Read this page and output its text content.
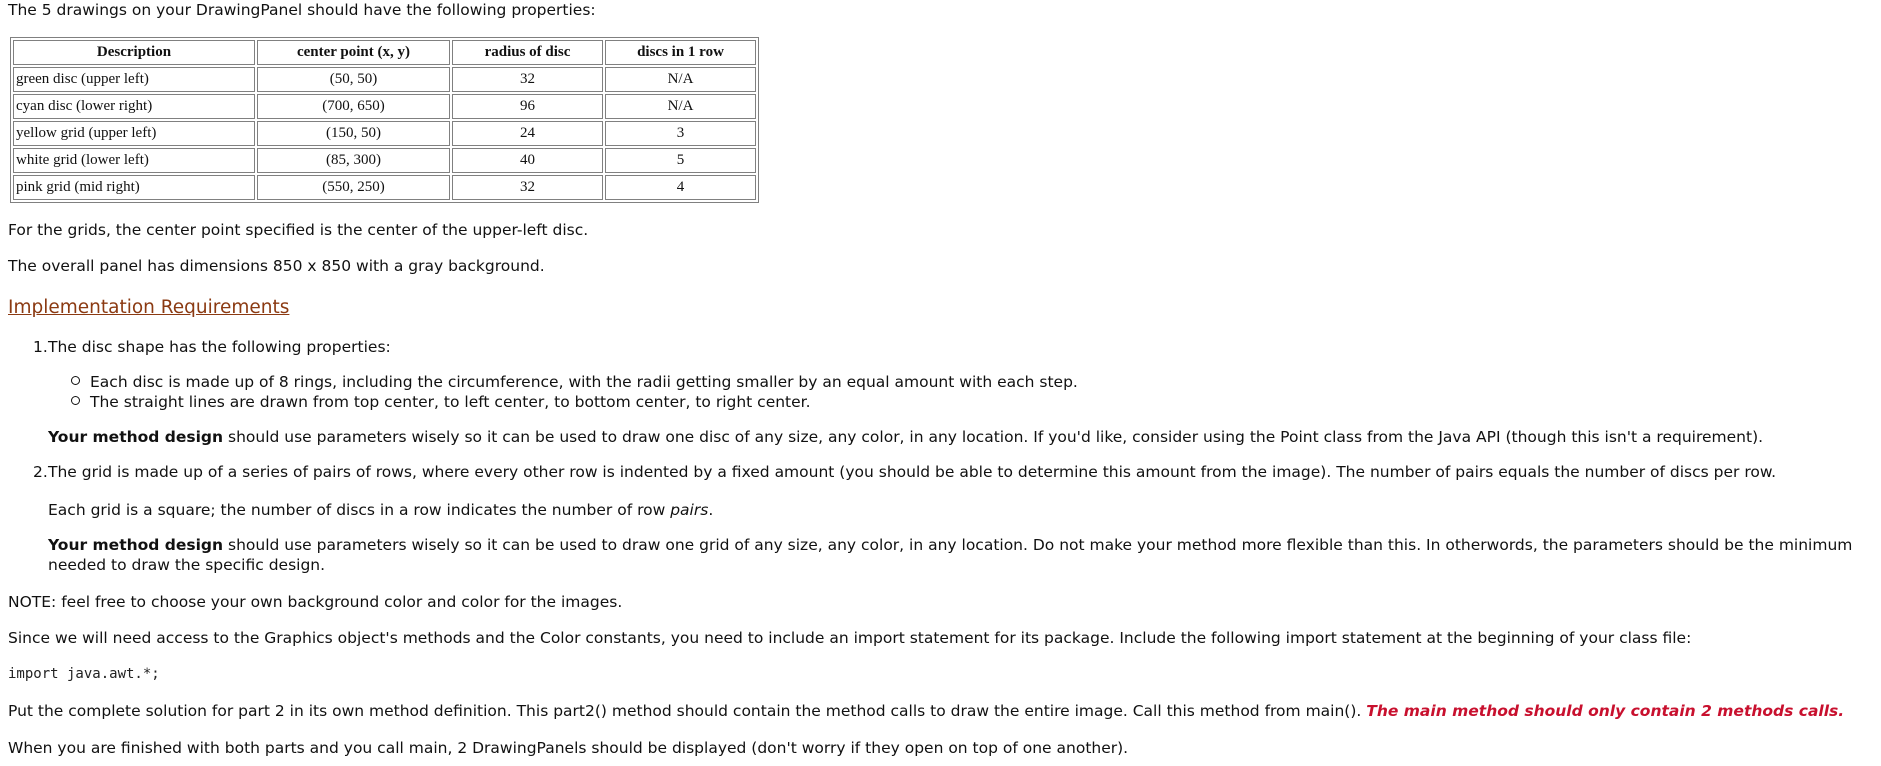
The 5 drawings on your DrawingPanel should have the following properties:

Description	center point (x, y)	radius of disc	discs in 1 row
green disc (upper left)	(50, 50)	32	N/A
cyan disc (lower right)	(700, 650)	96	N/A
yellow grid (upper left)	(150, 50)	24	3
white grid (lower left)	(85, 300)	40	5
pink grid (mid right)	(550, 250)	32	4

For the grids, the center point specified is the center of the upper-left disc.

The overall panel has dimensions 850 x 850 with a gray background.

Implementation Requirements
1. The disc shape has the following properties:
Each disc is made up of 8 rings, including the circumference, with the radii getting smaller by an equal amount with each step.
The straight lines are drawn from top center, to left center, to bottom center, to right center.
Your method design should use parameters wisely so it can be used to draw one disc of any size, any color, in any location. If you'd like, consider using the Point class from the Java API (though this isn't a requirement).
2. The grid is made up of a series of pairs of rows, where every other row is indented by a fixed amount (you should be able to determine this amount from the image). The number of pairs equals the number of discs per row.
Each grid is a square; the number of discs in a row indicates the number of row pairs.
Your method design should use parameters wisely so it can be used to draw one grid of any size, any color, in any location. Do not make your method more flexible than this. In otherwords, the parameters should be the minimum needed to draw the specific design.

NOTE: feel free to choose your own background color and color for the images.

Since we will need access to the Graphics object's methods and the Color constants, you need to include an import statement for its package. Include the following import statement at the beginning of your class file:

import java.awt.*;

Put the complete solution for part 2 in its own method definition. This part2() method should contain the method calls to draw the entire image. Call this method from main(). The main method should only contain 2 methods calls.

When you are finished with both parts and you call main, 2 DrawingPanels should be displayed (don't worry if they open on top of one another).
